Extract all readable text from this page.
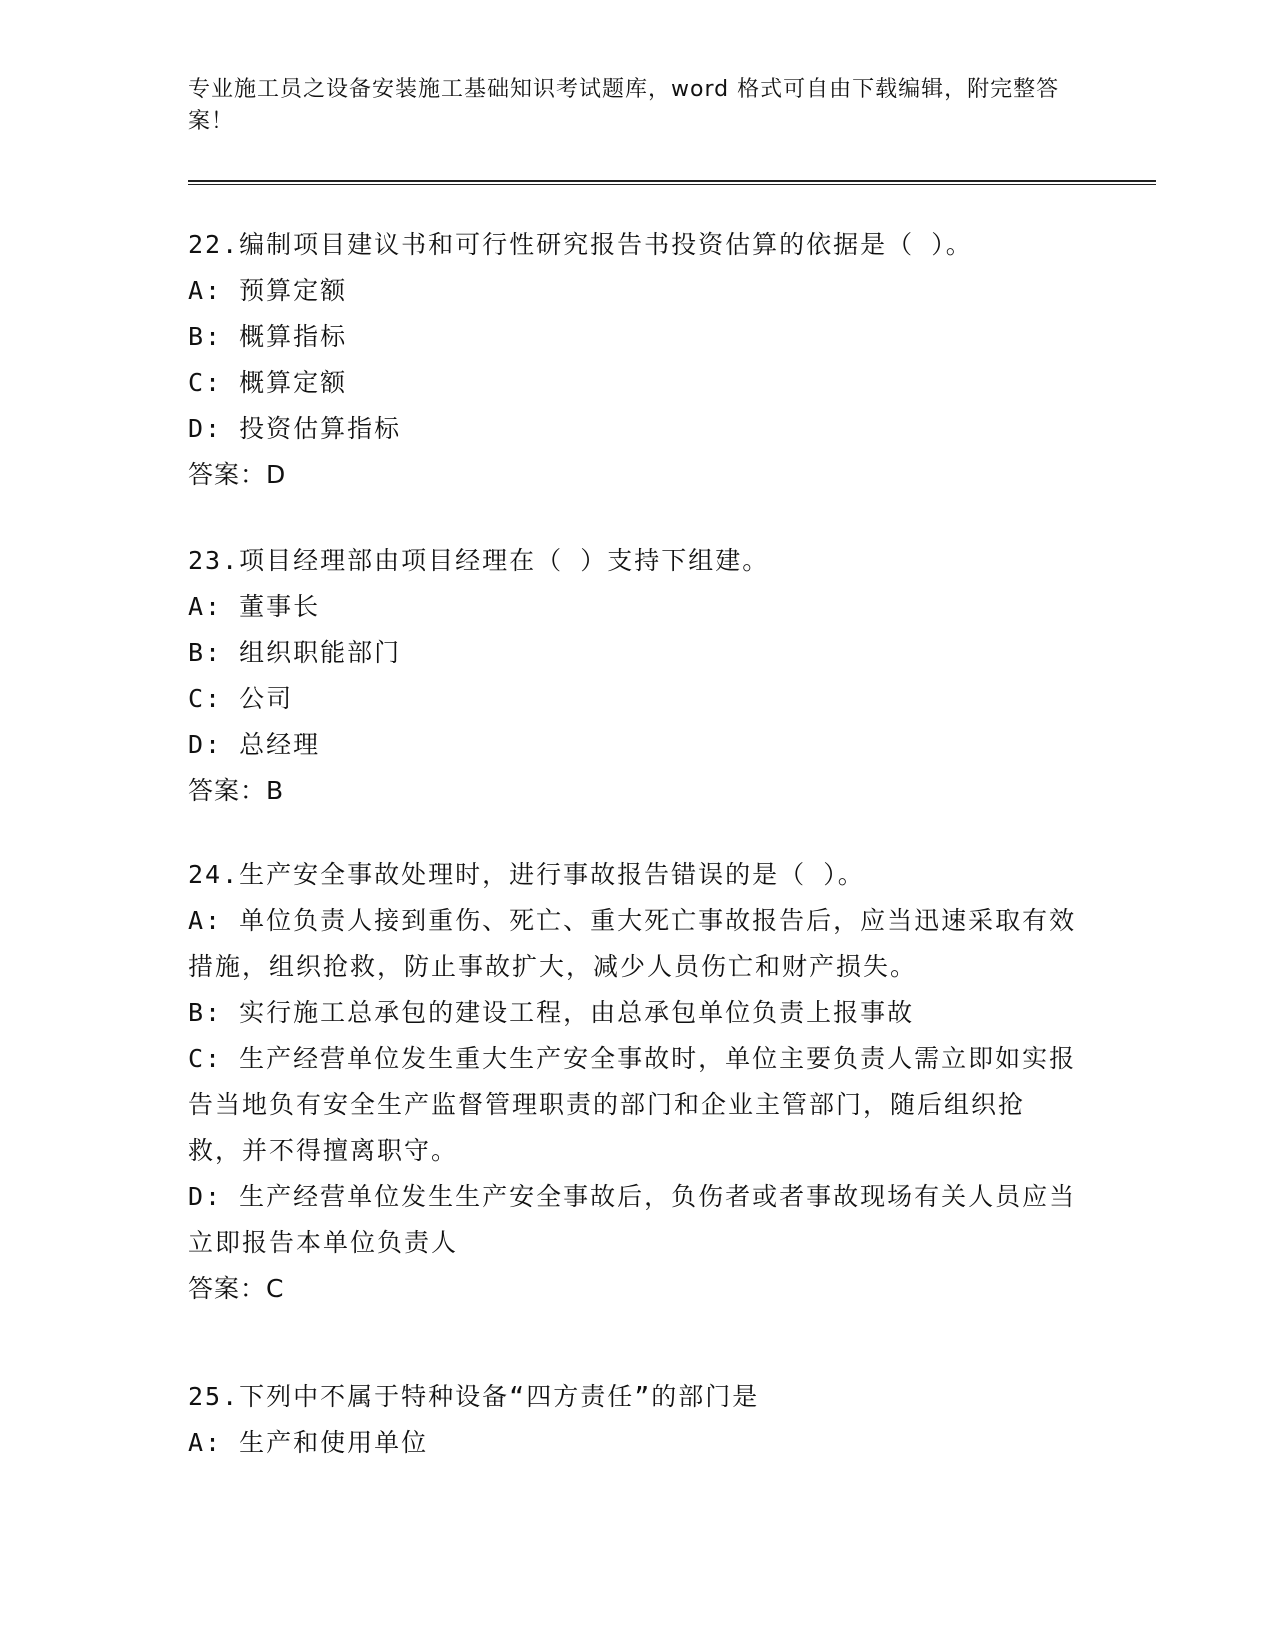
专业施工员之设备安装施工基础知识考试题库，word 格式可自由下载编辑，附完整答案！
22.编制项目建议书和可行性研究报告书投资估算的依据是（ ）。
A: 预算定额
B: 概算指标
C: 概算定额
D: 投资估算指标
答案：D
23.项目经理部由项目经理在（ ）支持下组建。
A: 董事长
B: 组织职能部门
C: 公司
D: 总经理
答案：B
24.生产安全事故处理时，进行事故报告错误的是（ ）。
A: 单位负责人接到重伤、死亡、重大死亡事故报告后，应当迅速采取有效措施，组织抢救，防止事故扩大，减少人员伤亡和财产损失。
B: 实行施工总承包的建设工程，由总承包单位负责上报事故
C: 生产经营单位发生重大生产安全事故时，单位主要负责人需立即如实报告当地负有安全生产监督管理职责的部门和企业主管部门，随后组织抢救，并不得擅离职守。
D: 生产经营单位发生生产安全事故后，负伤者或者事故现场有关人员应当立即报告本单位负责人
答案：C
25.下列中不属于特种设备“四方责任”的部门是
A: 生产和使用单位
